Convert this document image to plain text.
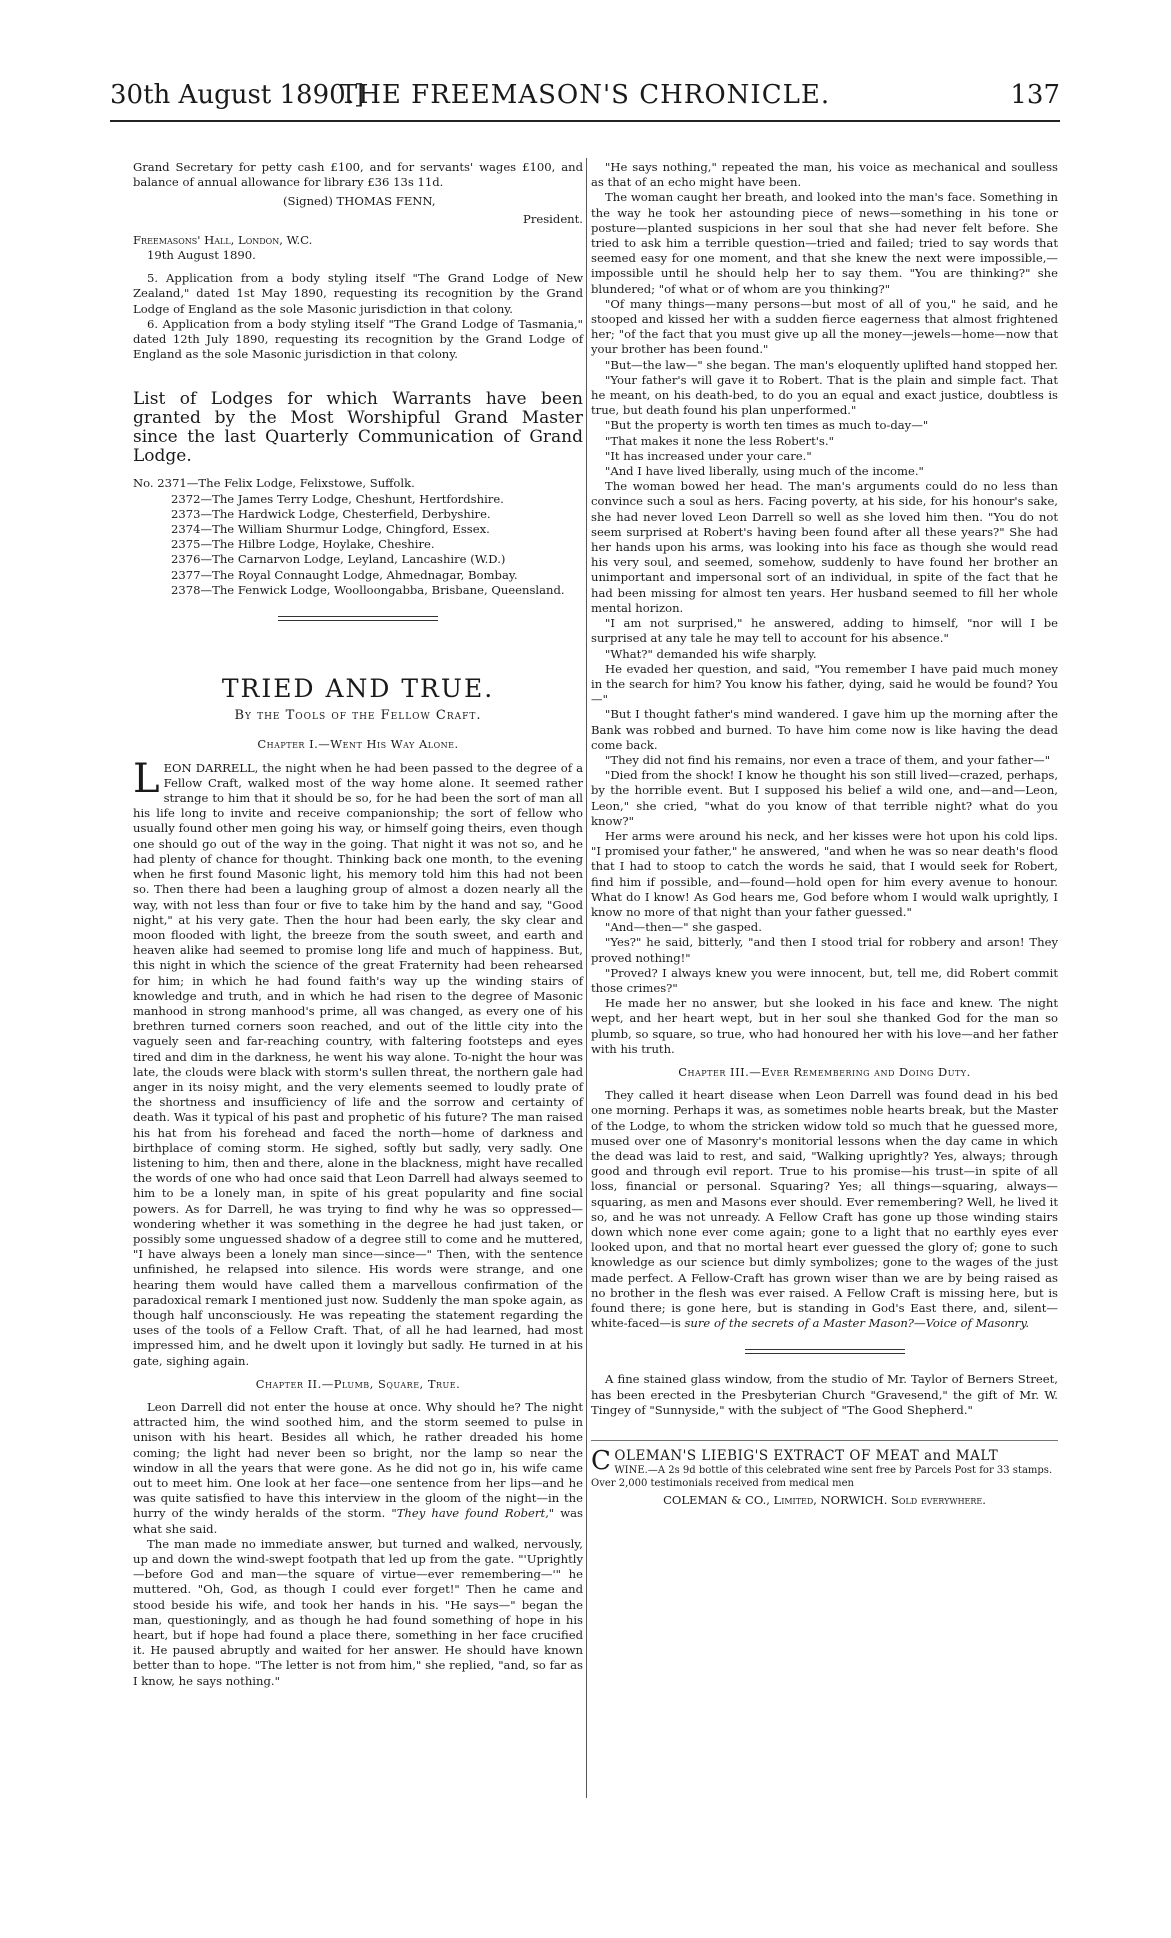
30th August 1890.]
THE FREEMASON'S CHRONICLE.	137

Grand Secretary for petty cash £100, and for servants' wages £100, and balance of annual allowance for library £36 13s 11d.

(Signed) THOMAS FENN,

President.

Freemasons' Hall, London, W.C.

19th August 1890.

5. Application from a body styling itself "The Grand Lodge of New Zealand," dated 1st May 1890, requesting its recognition by the Grand Lodge of England as the sole Masonic jurisdiction in that colony.

6. Application from a body styling itself "The Grand Lodge of Tasmania," dated 12th July 1890, requesting its recognition by the Grand Lodge of England as the sole Masonic jurisdiction in that colony.

List of Lodges for which Warrants have been granted by the Most Worshipful Grand Master since the last Quarterly Communication of Grand Lodge.

No. 2371—The Felix Lodge, Felixstowe, Suffolk.

2372—The James Terry Lodge, Cheshunt, Hertfordshire.

2373—The Hardwick Lodge, Chesterfield, Derbyshire.

2374—The William Shurmur Lodge, Chingford, Essex.

2375—The Hilbre Lodge, Hoylake, Cheshire.

2376—The Carnarvon Lodge, Leyland, Lancashire (W.D.)

2377—The Royal Connaught Lodge, Ahmednagar, Bombay.

2378—The Fenwick Lodge, Woolloongabba, Brisbane, Queensland.

TRIED AND TRUE.
By the Tools of the Fellow Craft.
Chapter I.—Went His Way Alone.

LEON DARRELL, the night when he had been passed to the degree of a Fellow Craft, walked most of the way home alone. It seemed rather strange to him that it should be so, for he had been the sort of man all his life long to invite and receive companionship; the sort of fellow who usually found other men going his way, or himself going theirs, even though one should go out of the way in the going. That night it was not so, and he had plenty of chance for thought. Thinking back one month, to the evening when he first found Masonic light, his memory told him this had not been so. Then there had been a laughing group of almost a dozen nearly all the way, with not less than four or five to take him by the hand and say, "Good night," at his very gate. Then the hour had been early, the sky clear and moon flooded with light, the breeze from the south sweet, and earth and heaven alike had seemed to promise long life and much of happiness. But, this night in which the science of the great Fraternity had been rehearsed for him; in which he had found faith's way up the winding stairs of knowledge and truth, and in which he had risen to the degree of Masonic manhood in strong manhood's prime, all was changed, as every one of his brethren turned corners soon reached, and out of the little city into the vaguely seen and far-reaching country, with faltering footsteps and eyes tired and dim in the darkness, he went his way alone. To-night the hour was late, the clouds were black with storm's sullen threat, the northern gale had anger in its noisy might, and the very elements seemed to loudly prate of the shortness and insufficiency of life and the sorrow and certainty of death. Was it typical of his past and prophetic of his future? The man raised his hat from his forehead and faced the north—home of darkness and birthplace of coming storm. He sighed, softly but sadly, very sadly. One listening to him, then and there, alone in the blackness, might have recalled the words of one who had once said that Leon Darrell had always seemed to him to be a lonely man, in spite of his great popularity and fine social powers. As for Darrell, he was trying to find why he was so oppressed—wondering whether it was something in the degree he had just taken, or possibly some unguessed shadow of a degree still to come and he muttered, "I have always been a lonely man since—since—" Then, with the sentence unfinished, he relapsed into silence. His words were strange, and one hearing them would have called them a marvellous confirmation of the paradoxical remark I mentioned just now. Suddenly the man spoke again, as though half unconsciously. He was repeating the statement regarding the uses of the tools of a Fellow Craft. That, of all he had learned, had most impressed him, and he dwelt upon it lovingly but sadly. He turned in at his gate, sighing again.

Chapter II.—Plumb, Square, True.

Leon Darrell did not enter the house at once. Why should he? The night attracted him, the wind soothed him, and the storm seemed to pulse in unison with his heart. Besides all which, he rather dreaded his home coming; the light had never been so bright, nor the lamp so near the window in all the years that were gone. As he did not go in, his wife came out to meet him. One look at her face—one sentence from her lips—and he was quite satisfied to have this interview in the gloom of the night—in the hurry of the windy heralds of the storm. "They have found Robert," was what she said.

The man made no immediate answer, but turned and walked, nervously, up and down the wind-swept footpath that led up from the gate. "'Uprightly—before God and man—the square of virtue—ever remembering—'" he muttered. "Oh, God, as though I could ever forget!" Then he came and stood beside his wife, and took her hands in his. "He says—" began the man, questioningly, and as though he had found something of hope in his heart, but if hope had found a place there, something in her face crucified it. He paused abruptly and waited for her answer. He should have known better than to hope. "The letter is not from him," she replied, "and, so far as I know, he says nothing."

"He says nothing," repeated the man, his voice as mechanical and soulless as that of an echo might have been.

The woman caught her breath, and looked into the man's face. Something in the way he took her astounding piece of news—something in his tone or posture—planted suspicions in her soul that she had never felt before. She tried to ask him a terrible question—tried and failed; tried to say words that seemed easy for one moment, and that she knew the next were impossible,—impossible until he should help her to say them. "You are thinking?" she blundered; "of what or of whom are you thinking?"

"Of many things—many persons—but most of all of you," he said, and he stooped and kissed her with a sudden fierce eagerness that almost frightened her; "of the fact that you must give up all the money—jewels—home—now that your brother has been found."

"But—the law—" she began. The man's eloquently uplifted hand stopped her.

"Your father's will gave it to Robert. That is the plain and simple fact. That he meant, on his death-bed, to do you an equal and exact justice, doubtless is true, but death found his plan unperformed."

"But the property is worth ten times as much to-day—"

"That makes it none the less Robert's."

"It has increased under your care."

"And I have lived liberally, using much of the income."

The woman bowed her head. The man's arguments could do no less than convince such a soul as hers. Facing poverty, at his side, for his honour's sake, she had never loved Leon Darrell so well as she loved him then. "You do not seem surprised at Robert's having been found after all these years?" She had her hands upon his arms, was looking into his face as though she would read his very soul, and seemed, somehow, suddenly to have found her brother an unimportant and impersonal sort of an individual, in spite of the fact that he had been missing for almost ten years. Her husband seemed to fill her whole mental horizon.

"I am not surprised," he answered, adding to himself, "nor will I be surprised at any tale he may tell to account for his absence."

"What?" demanded his wife sharply.

He evaded her question, and said, "You remember I have paid much money in the search for him? You know his father, dying, said he would be found? You—"

"But I thought father's mind wandered. I gave him up the morning after the Bank was robbed and burned. To have him come now is like having the dead come back.

"They did not find his remains, nor even a trace of them, and your father—"

"Died from the shock! I know he thought his son still lived—crazed, perhaps, by the horrible event. But I supposed his belief a wild one, and—and—Leon, Leon," she cried, "what do you know of that terrible night? what do you know?"

Her arms were around his neck, and her kisses were hot upon his cold lips. "I promised your father," he answered, "and when he was so near death's flood that I had to stoop to catch the words he said, that I would seek for Robert, find him if possible, and—found—hold open for him every avenue to honour. What do I know! As God hears me, God before whom I would walk uprightly, I know no more of that night than your father guessed."

"And—then—" she gasped.

"Yes?" he said, bitterly, "and then I stood trial for robbery and arson! They proved nothing!"

"Proved? I always knew you were innocent, but, tell me, did Robert commit those crimes?"

He made her no answer, but she looked in his face and knew. The night wept, and her heart wept, but in her soul she thanked God for the man so plumb, so square, so true, who had honoured her with his love—and her father with his truth.

Chapter III.—Ever Remembering and Doing Duty.

They called it heart disease when Leon Darrell was found dead in his bed one morning. Perhaps it was, as sometimes noble hearts break, but the Master of the Lodge, to whom the stricken widow told so much that he guessed more, mused over one of Masonry's monitorial lessons when the day came in which the dead was laid to rest, and said, "Walking uprightly? Yes, always; through good and through evil report. True to his promise—his trust—in spite of all loss, financial or personal. Squaring? Yes; all things—squaring, always—squaring, as men and Masons ever should. Ever remembering? Well, he lived it so, and he was not unready. A Fellow Craft has gone up those winding stairs down which none ever come again; gone to a light that no earthly eyes ever looked upon, and that no mortal heart ever guessed the glory of; gone to such knowledge as our science but dimly symbolizes; gone to the wages of the just made perfect. A Fellow-Craft has grown wiser than we are by being raised as no brother in the flesh was ever raised. A Fellow Craft is missing here, but is found there; is gone here, but is standing in God's East there, and, silent—white-faced—is sure of the secrets of a Master Mason?—Voice of Masonry.

A fine stained glass window, from the studio of Mr. Taylor of Berners Street, has been erected in the Presbyterian Church "Gravesend," the gift of Mr. W. Tingey of "Sunnyside," with the subject of "The Good Shepherd."

COLEMAN'S LIEBIG'S EXTRACT OF MEAT and MALT
WINE.—A 2s 9d bottle of this celebrated wine sent free by Parcels Post for 33 stamps. Over 2,000 testimonials received from medical men
COLEMAN & CO., Limited, NORWICH. Sold everywhere.
